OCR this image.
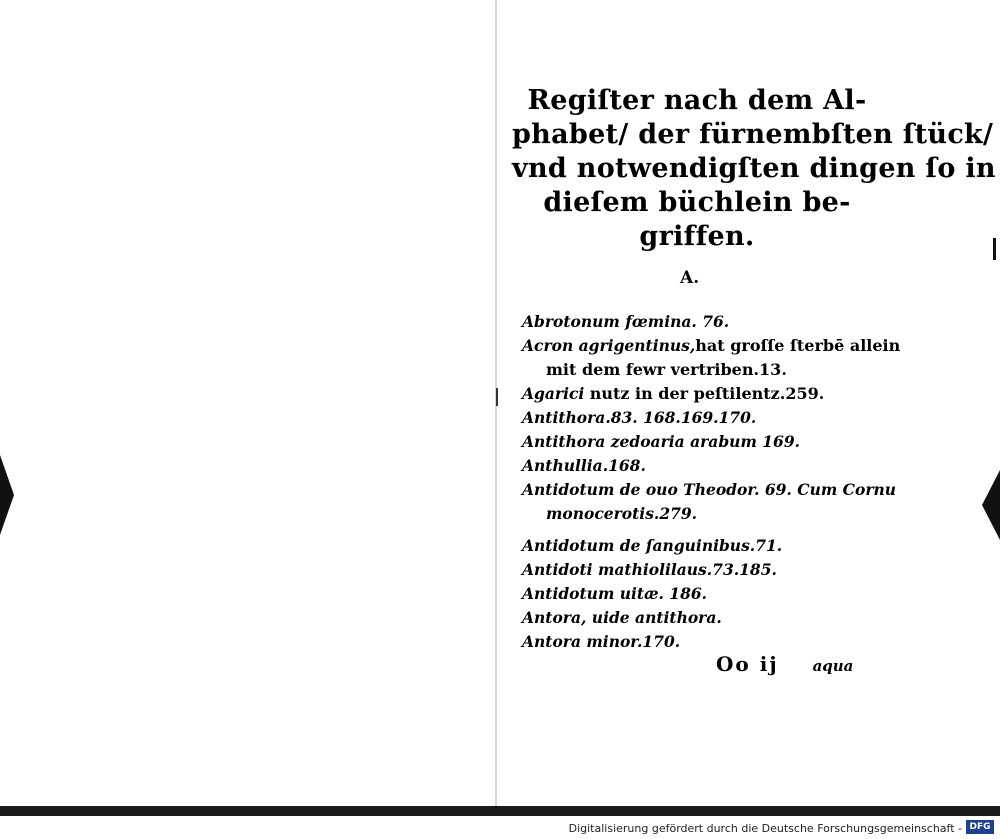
Regiſter nach dem Al-
phabet/ der fürnembſten ſtück/
vnd notwendigſten dingen ſo in
dieſem büchlein be-
griffen.
A.
Abrotonum fœmina. 76.
Acron agrigentinus,hat groſſe ſterbē allein
mit dem fewr vertriben.13.
Agarici nutz in der peſtilentz.259.
Antithora.83. 168.169.170.
Antithora zedoaria arabum 169.
Anthullia.168.
Antidotum de ouo Theodor. 69. Cum Cornu
monocerotis.279.
Antidotum de ſanguinibus.71.
Antidoti mathiolilaus.73.185.
Antidotum uitæ. 186.
Antora, uide antithora.
Antora minor.170.
Oo ij aqua
Digitalisierung gefördert durch die Deutsche Forschungsgemeinschaft - DFG
